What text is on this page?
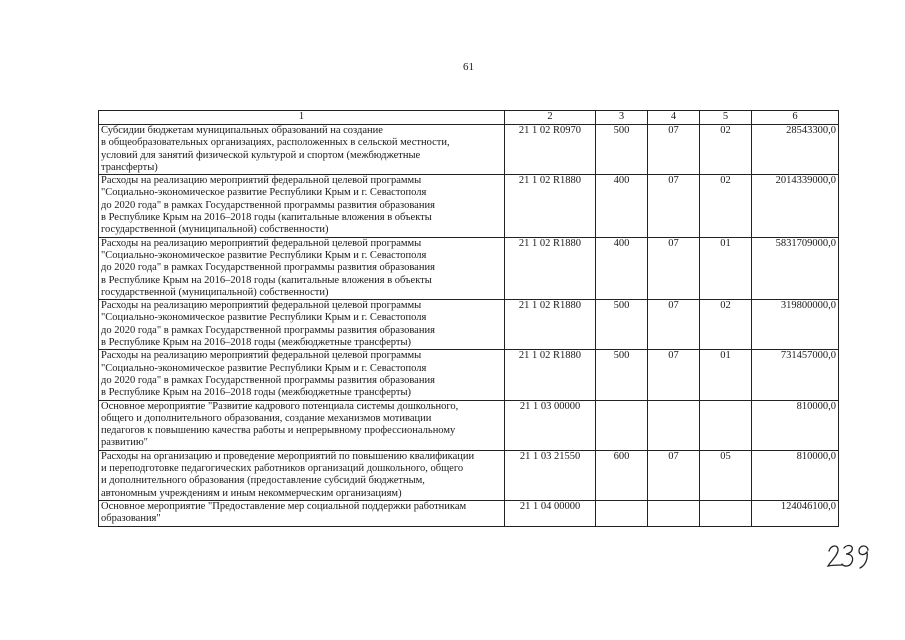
61
1	2	3	4	5	6
Субсидии бюджетам муниципальных образований на создание
в общеобразовательных организациях, расположенных в сельской местности,
условий для занятий физической культурой и спортом (межбюджетные
трансферты)	21 1 02 R0970	500	07	02	28543300,0
Расходы на реализацию мероприятий федеральной целевой программы
"Социально-экономическое развитие Республики Крым и г. Севастополя
до 2020 года" в рамках Государственной программы развития образования
в Республике Крым на 2016–2018 годы (капитальные вложения в объекты
государственной (муниципальной) собственности)	21 1 02 R1880	400	07	02	2014339000,0
Расходы на реализацию мероприятий федеральной целевой программы
"Социально-экономическое развитие Республики Крым и г. Севастополя
до 2020 года" в рамках Государственной программы развития образования
в Республике Крым на 2016–2018 годы (капитальные вложения в объекты
государственной (муниципальной) собственности)	21 1 02 R1880	400	07	01	5831709000,0
Расходы на реализацию мероприятий федеральной целевой программы
"Социально-экономическое развитие Республики Крым и г. Севастополя
до 2020 года" в рамках Государственной программы развития образования
в Республике Крым на 2016–2018 годы (межбюджетные трансферты)	21 1 02 R1880	500	07	02	319800000,0
Расходы на реализацию мероприятий федеральной целевой программы
"Социально-экономическое развитие Республики Крым и г. Севастополя
до 2020 года" в рамках Государственной программы развития образования
в Республике Крым на 2016–2018 годы (межбюджетные трансферты)	21 1 02 R1880	500	07	01	731457000,0
Основное мероприятие "Развитие кадрового потенциала системы дошкольного,
общего и дополнительного образования, создание механизмов мотивации
педагогов к повышению качества работы и непрерывному профессиональному
развитию"	21 1 03 00000				810000,0
Расходы на организацию и проведение мероприятий по повышению квалификации
и переподготовке педагогических работников организаций дошкольного, общего
и дополнительного образования (предоставление субсидий бюджетным,
автономным учреждениям и иным некоммерческим организациям)	21 1 03 21550	600	07	05	810000,0
Основное мероприятие "Предоставление мер социальной поддержки работникам
образования"	21 1 04 00000				124046100,0
